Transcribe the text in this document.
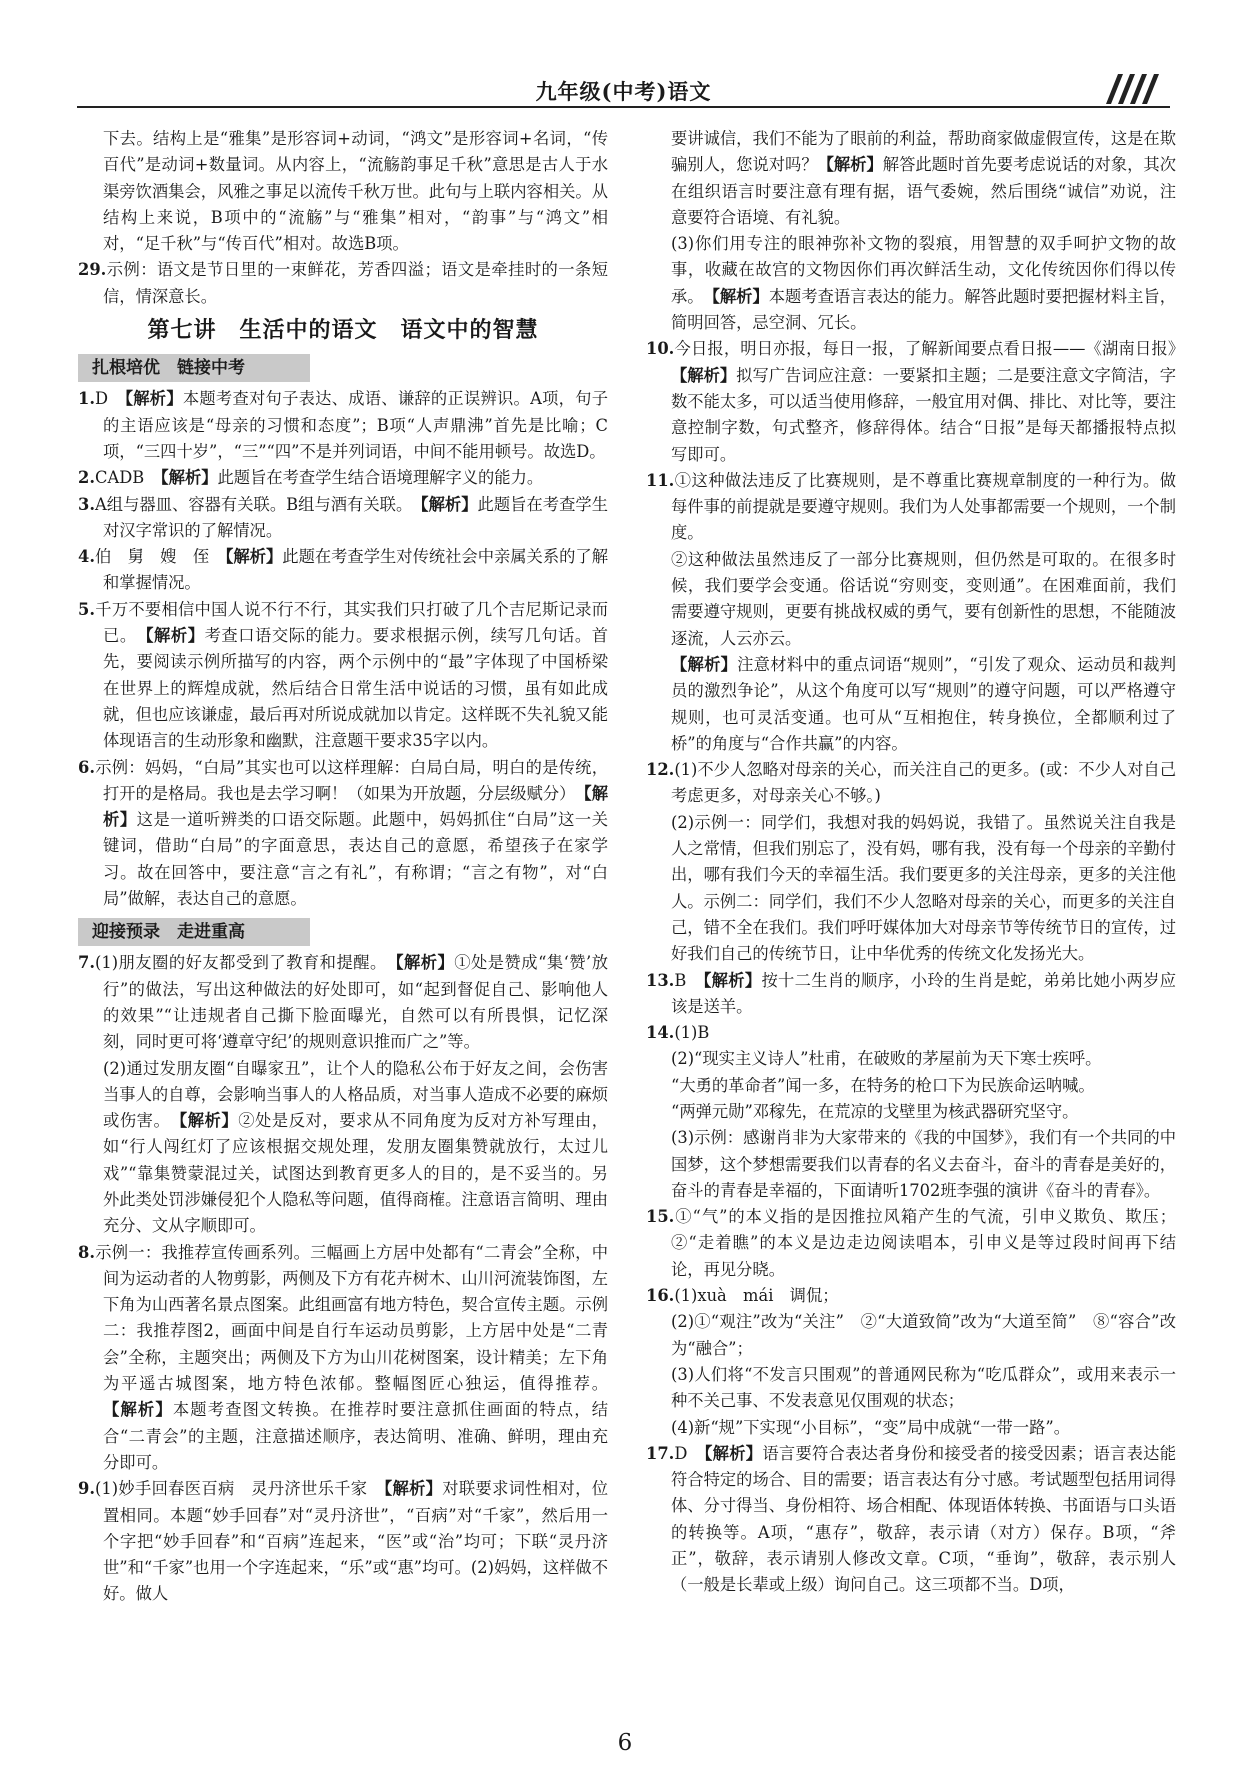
九年级(中考)语文

下去。结构上是“雅集”是形容词+动词，“鸿文”是形容词+名词，“传百代”是动词+数量词。从内容上，“流觞韵事足千秋”意思是古人于水渠旁饮酒集会，风雅之事足以流传千秋万世。此句与上联内容相关。从结构上来说，B项中的“流觞”与“雅集”相对，“韵事”与“鸿文”相对，“足千秋”与“传百代”相对。故选B项。

29.示例：语文是节日里的一束鲜花，芳香四溢；语文是牵挂时的一条短信，情深意长。

第七讲　生活中的语文　语文中的智慧
扎根培优　链接中考

1.D　 【解析】本题考查对句子表达、成语、谦辞的正误辨识。A项，句子的主语应该是“母亲的习惯和态度”；B项“人声鼎沸”首先是比喻；C项，“三四十岁”，“三”“四”不是并列词语，中间不能用顿号。故选D。

2.CADB　 【解析】此题旨在考查学生结合语境理解字义的能力。

3.A组与器皿、容器有关联。B组与酒有关联。　 【解析】此题旨在考查学生对汉字常识的了解情况。

4.伯　舅　嫂　侄　 【解析】此题在考查学生对传统社会中亲属关系的了解和掌握情况。

5.千万不要相信中国人说不行不行，其实我们只打破了几个吉尼斯记录而已。　 【解析】考查口语交际的能力。要求根据示例，续写几句话。首先，要阅读示例所描写的内容，两个示例中的“最”字体现了中国桥梁在世界上的辉煌成就，然后结合日常生活中说话的习惯，虽有如此成就，但也应该谦虚，最后再对所说成就加以肯定。这样既不失礼貌又能体现语言的生动形象和幽默，注意题干要求35字以内。

6.示例：妈妈，“白局”其实也可以这样理解：白局白局，明白的是传统，打开的是格局。我也是去学习啊！（如果为开放题，分层级赋分）　 【解析】这是一道听辨类的口语交际题。此题中，妈妈抓住“白局”这一关键词，借助“白局”的字面意思，表达自己的意愿，希望孩子在家学习。故在回答中，要注意“言之有礼”，有称谓；“言之有物”，对“白局”做解，表达自己的意愿。

迎接预录　走进重高

7.(1)朋友圈的好友都受到了教育和提醒。　 【解析】①处是赞成“集‘赞’放行”的做法，写出这种做法的好处即可，如“起到督促自己、影响他人的效果”“让违规者自己撕下脸面曝光，自然可以有所畏惧，记忆深刻，同时更可将‘遵章守纪’的规则意识推而广之”等。

(2)通过发朋友圈“自曝家丑”，让个人的隐私公布于好友之间，会伤害当事人的自尊，会影响当事人的人格品质，对当事人造成不必要的麻烦或伤害。　 【解析】②处是反对，要求从不同角度为反对方补写理由，如“行人闯红灯了应该根据交规处理，发朋友圈集赞就放行，太过儿戏”“靠集赞蒙混过关，试图达到教育更多人的目的，是不妥当的。另外此类处罚涉嫌侵犯个人隐私等问题，值得商榷。注意语言简明、理由充分、文从字顺即可。

8.示例一：我推荐宣传画系列。三幅画上方居中处都有“二青会”全称，中间为运动者的人物剪影，两侧及下方有花卉树木、山川河流装饰图，左下角为山西著名景点图案。此组画富有地方特色，契合宣传主题。示例二：我推荐图2，画面中间是自行车运动员剪影，上方居中处是“二青会”全称，主题突出；两侧及下方为山川花树图案，设计精美；左下角为平遥古城图案，地方特色浓郁。整幅图匠心独运，值得推荐。【解析】本题考查图文转换。在推荐时要注意抓住画面的特点，结合“二青会”的主题，注意描述顺序，表达简明、准确、鲜明，理由充分即可。

9.(1)妙手回春医百病　灵丹济世乐千家　 【解析】对联要求词性相对，位置相同。本题“妙手回春”对“灵丹济世”，“百病”对“千家”，然后用一个字把“妙手回春”和“百病”连起来，“医”或“治”均可；下联“灵丹济世”和“千家”也用一个字连起来，“乐”或“惠”均可。(2)妈妈，这样做不好。做人

要讲诚信，我们不能为了眼前的利益，帮助商家做虚假宣传，这是在欺骗别人，您说对吗？【解析】解答此题时首先要考虑说话的对象，其次在组织语言时要注意有理有据，语气委婉，然后围绕“诚信”劝说，注意要符合语境、有礼貌。

(3)你们用专注的眼神弥补文物的裂痕，用智慧的双手呵护文物的故事，收藏在故宫的文物因你们再次鲜活生动，文化传统因你们得以传承。　 【解析】本题考查语言表达的能力。解答此题时要把握材料主旨，简明回答，忌空洞、冗长。

10.今日报，明日亦报，每日一报，了解新闻要点看日报——《湖南日报》　【解析】拟写广告词应注意：一要紧扣主题；二是要注意文字简洁，字数不能太多，可以适当使用修辞，一般宜用对偶、排比、对比等，要注意控制字数，句式整齐，修辞得体。结合“日报”是每天都播报特点拟写即可。

11.①这种做法违反了比赛规则，是不尊重比赛规章制度的一种行为。做每件事的前提就是要遵守规则。我们为人处事都需要一个规则，一个制度。

②这种做法虽然违反了一部分比赛规则，但仍然是可取的。在很多时候，我们要学会变通。俗话说“穷则变，变则通”。在困难面前，我们需要遵守规则，更要有挑战权威的勇气，要有创新性的思想，不能随波逐流，人云亦云。

【解析】注意材料中的重点词语“规则”，“引发了观众、运动员和裁判员的激烈争论”，从这个角度可以写“规则”的遵守问题，可以严格遵守规则，也可灵活变通。也可从“互相抱住，转身换位，全都顺利过了桥”的角度与“合作共赢”的内容。

12.(1)不少人忽略对母亲的关心，而关注自己的更多。(或：不少人对自己考虑更多，对母亲关心不够。)

(2)示例一：同学们，我想对我的妈妈说，我错了。虽然说关注自我是人之常情，但我们别忘了，没有妈，哪有我，没有每一个母亲的辛勤付出，哪有我们今天的幸福生活。我们要更多的关注母亲，更多的关注他人。示例二：同学们，我们不少人忽略对母亲的关心，而更多的关注自己，错不全在我们。我们呼吁媒体加大对母亲节等传统节日的宣传，过好我们自己的传统节日，让中华优秀的传统文化发扬光大。

13.B　 【解析】按十二生肖的顺序，小玲的生肖是蛇，弟弟比她小两岁应该是送羊。

14.(1)B

(2)“现实主义诗人”杜甫，在破败的茅屋前为天下寒士疾呼。

“大勇的革命者”闻一多，在特务的枪口下为民族命运呐喊。

“两弹元勋”邓稼先，在荒凉的戈壁里为核武器研究坚守。

(3)示例：感谢肖非为大家带来的《我的中国梦》，我们有一个共同的中国梦，这个梦想需要我们以青春的名义去奋斗，奋斗的青春是美好的，奋斗的青春是幸福的，下面请听1702班李强的演讲《奋斗的青春》。

15.①“气”的本义指的是因推拉风箱产生的气流，引申义欺负、欺压；②“走着瞧”的本义是边走边阅读唱本，引申义是等过段时间再下结论，再见分晓。

16.(1)xuà　mái　调侃；

(2)①“观注”改为“关注”　②“大道致简”改为“大道至简”　⑧“容合”改为“融合”；

(3)人们将“不发言只围观”的普通网民称为“吃瓜群众”，或用来表示一种不关己事、不发表意见仅围观的状态；

(4)新“规”下实现“小目标”，“变”局中成就“一带一路”。

17.D　 【解析】语言要符合表达者身份和接受者的接受因素；语言表达能符合特定的场合、目的需要；语言表达有分寸感。考试题型包括用词得体、分寸得当、身份相符、场合相配、体现语体转换、书面语与口头语的转换等。A项，“惠存”，敬辞，表示请（对方）保存。B项，“斧正”，敬辞，表示请别人修改文章。C项，“垂询”，敬辞，表示别人（一般是长辈或上级）询问自己。这三项都不当。D项，

6
